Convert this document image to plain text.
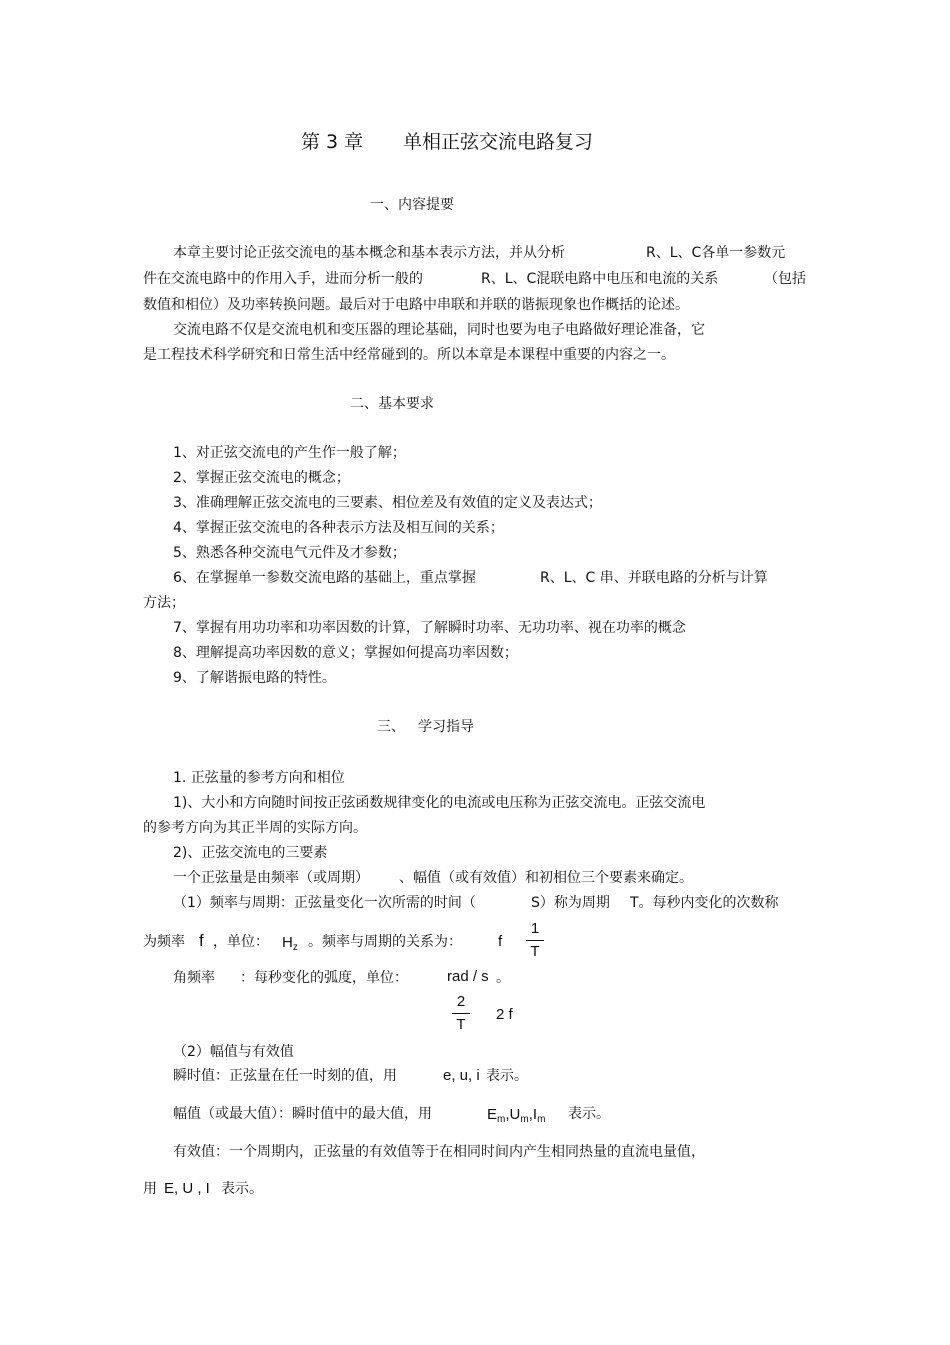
第 3 章 单相正弦交流电路复习
一、内容提要
本章主要讨论正弦交流电的基本概念和基本表示方法，并从分析	R、L、C各单一参数元
件在交流电路中的作用入手，进而分析一般的	R、L、C混联电路中电压和电流的关系	（包括
数值和相位）及功率转换问题。最后对于电路中串联和并联的谐振现象也作概括的论述。
交流电路不仅是交流电机和变压器的理论基础，同时也要为电子电路做好理论准备，它
是工程技术科学研究和日常生活中经常碰到的。所以本章是本课程中重要的内容之一。
二、基本要求
1、对正弦交流电的产生作一般了解；
2、掌握正弦交流电的概念；
3、准确理解正弦交流电的三要素、相位差及有效值的定义及表达式；
4、掌握正弦交流电的各种表示方法及相互间的关系；
5、熟悉各种交流电气元件及才参数；
6、在掌握单一参数交流电路的基础上，重点掌握	R、L、C 串、并联电路的分析与计算
方法；
7、掌握有用功功率和功率因数的计算，了解瞬时功率、无功功率、视在功率的概念
8、理解提高功率因数的意义；掌握如何提高功率因数；
9、了解谐振电路的特性。
三、 学习指导
1. 正弦量的参考方向和相位
1)、大小和方向随时间按正弦函数规律变化的电流或电压称为正弦交流电。正弦交流电
的参考方向为其正半周的实际方向。
2)、正弦交流电的三要素
一个正弦量是由频率（或周期） 、幅值（或有效值）和初相位三个要素来确定。
（1）频率与周期：正弦量变化一次所需的时间（	S）称为周期 T。每秒内变化的次数称
为频率 f ，单位： $H_z$ 。频率与周期的关系为： f
1
T
角频率 ：每秒变化的弧度，单位：	rad / s 。
2
T
2 f
（2）幅值与有效值
瞬时值：正弦量在任一时刻的值，用	e, u, i 表示。
幅值（或最大值）：瞬时值中的最大值，用	$E_m,U_m,I_m$ 表示。
有效值：一个周期内，正弦量的有效值等于在相同时间内产生相同热量的直流电量值，
用 E, U , I 表示。
